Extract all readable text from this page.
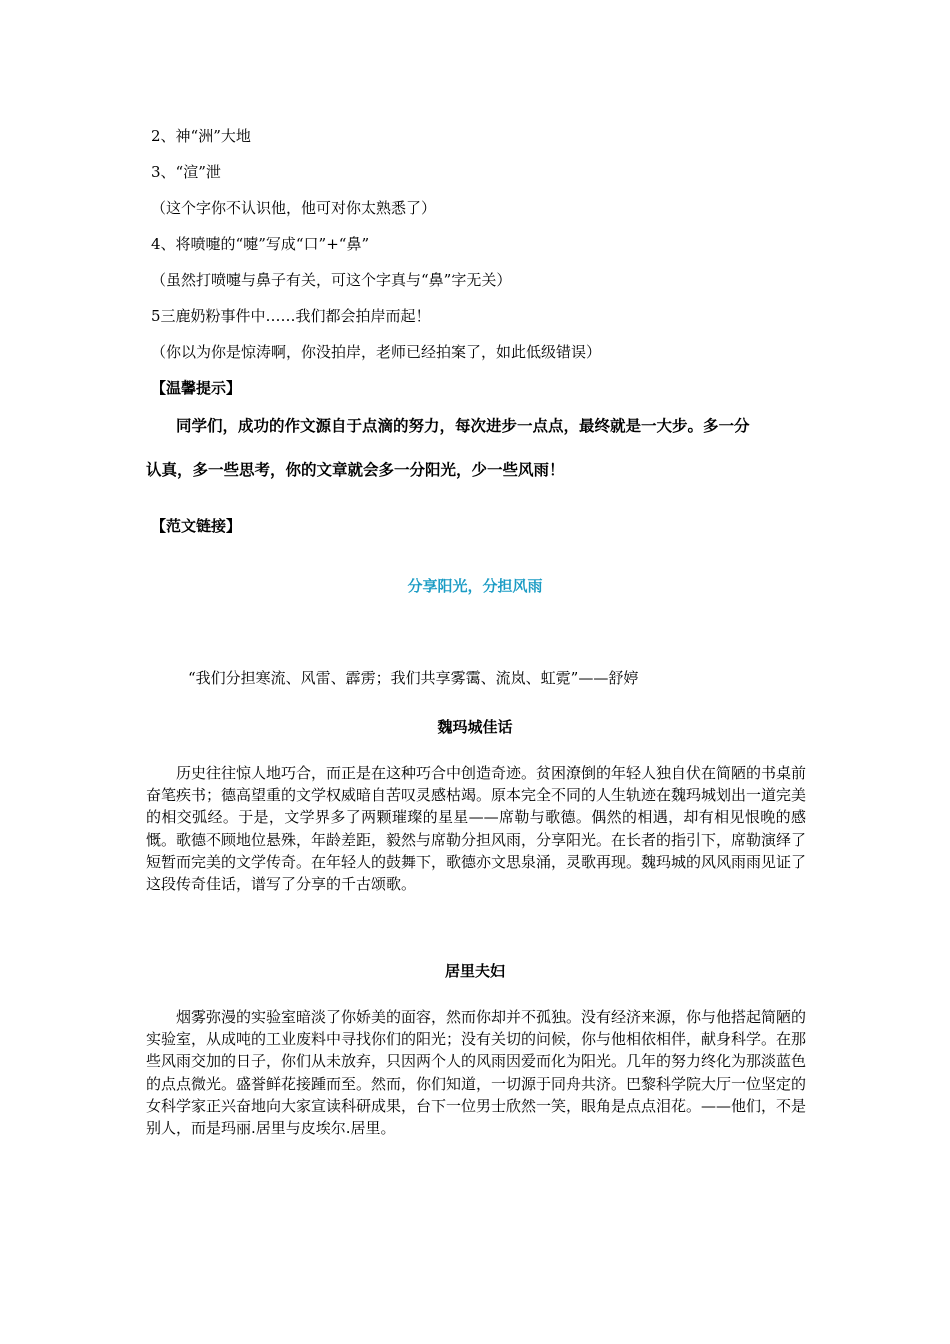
2、神“洲”大地
3、“渲”泄
（这个字你不认识他，他可对你太熟悉了）
4、将喷嚏的“嚏”写成“口”+“鼻”
（虽然打喷嚏与鼻子有关，可这个字真与“鼻”字无关）
5三鹿奶粉事件中……我们都会拍岸而起！
（你以为你是惊涛啊，你没拍岸，老师已经拍案了，如此低级错误）
【温馨提示】
同学们，成功的作文源自于点滴的努力，每次进步一点点，最终就是一大步。多一分
认真，多一些思考，你的文章就会多一分阳光，少一些风雨！
【范文链接】
分享阳光，分担风雨
“我们分担寒流、风雷、霹雳；我们共享雾霭、流岚、虹霓”——舒婷
魏玛城佳话

历史往往惊人地巧合，而正是在这种巧合中创造奇迹。贫困潦倒的年轻人独自伏在简陋的书桌前奋笔疾书；德高望重的文学权威暗自苦叹灵感枯竭。原本完全不同的人生轨迹在魏玛城划出一道完美的相交弧经。于是，文学界多了两颗璀璨的星星——席勒与歌德。偶然的相遇，却有相见恨晚的感慨。歌德不顾地位悬殊，年龄差距，毅然与席勒分担风雨，分享阳光。在长者的指引下，席勒演绎了短暂而完美的文学传奇。在年轻人的鼓舞下，歌德亦文思泉涌，灵歌再现。魏玛城的风风雨雨见证了这段传奇佳话，谱写了分享的千古颂歌。

居里夫妇

烟雾弥漫的实验室暗淡了你娇美的面容，然而你却并不孤独。没有经济来源，你与他搭起简陋的实验室，从成吨的工业废料中寻找你们的阳光；没有关切的问候，你与他相依相伴，献身科学。在那些风雨交加的日子，你们从未放弃，只因两个人的风雨因爱而化为阳光。几年的努力终化为那淡蓝色的点点微光。盛誉鲜花接踵而至。然而，你们知道，一切源于同舟共济。巴黎科学院大厅一位坚定的女科学家正兴奋地向大家宣读科研成果，台下一位男士欣然一笑，眼角是点点泪花。——他们，不是别人，而是玛丽.居里与皮埃尔.居里。
